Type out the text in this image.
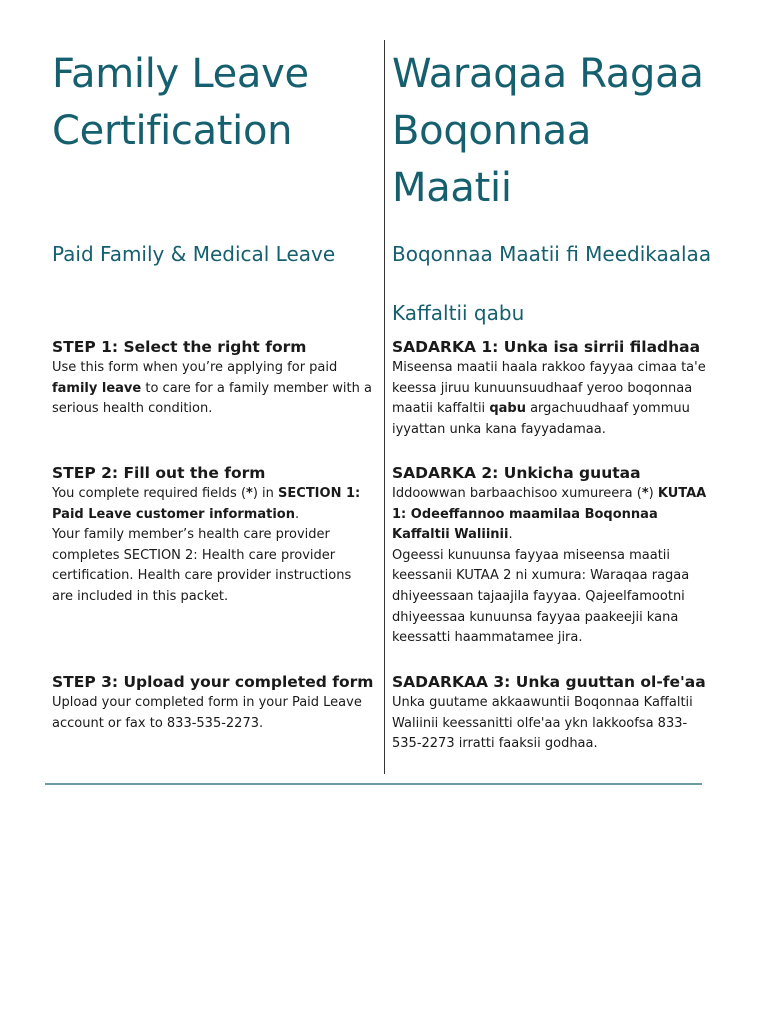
Family Leave
Certification
Paid Family & Medical Leave
STEP 1: Select the right form

Use this form when you’re applying for paid family leave to care for a family member with a serious health condition.

STEP 2: Fill out the form

You complete required fields (*) in SECTION 1: Paid Leave customer information.

Your family member’s health care provider completes SECTION 2: Health care provider certification. Health care provider instructions are included in this packet.

STEP 3: Upload your completed form

Upload your completed form in your Paid Leave account or fax to 833-535-2273.

Waraqaa Ragaa
Boqonnaa
Maatii
Boqonnaa Maatii fi Meedikaalaa
Kaffaltii qabu
SADARKA 1: Unka isa sirrii filadhaa

Miseensa maatii haala rakkoo fayyaa cimaa ta'e keessa jiruu kunuunsuudhaaf yeroo boqonnaa maatii kaffaltii qabu argachuudhaaf yommuu iyyattan unka kana fayyadamaa.

SADARKA 2: Unkicha guutaa

Iddoowwan barbaachisoo xumureera (*) KUTAA 1: Odeeffannoo maamilaa Boqonnaa Kaffaltii Waliinii.

Ogeessi kunuunsa fayyaa miseensa maatii keessanii KUTAA 2 ni xumura: Waraqaa ragaa dhiyeessaan tajaajila fayyaa. Qajeelfamootni dhiyeessaa kunuunsa fayyaa paakeejii kana keessatti haammatamee jira.

SADARKAA 3: Unka guuttan ol-fe'aa

Unka guutame akkaawuntii Boqonnaa Kaffaltii Waliinii keessanitti olfe'aa ykn lakkoofsa 833-535-2273 irratti faaksii godhaa.
